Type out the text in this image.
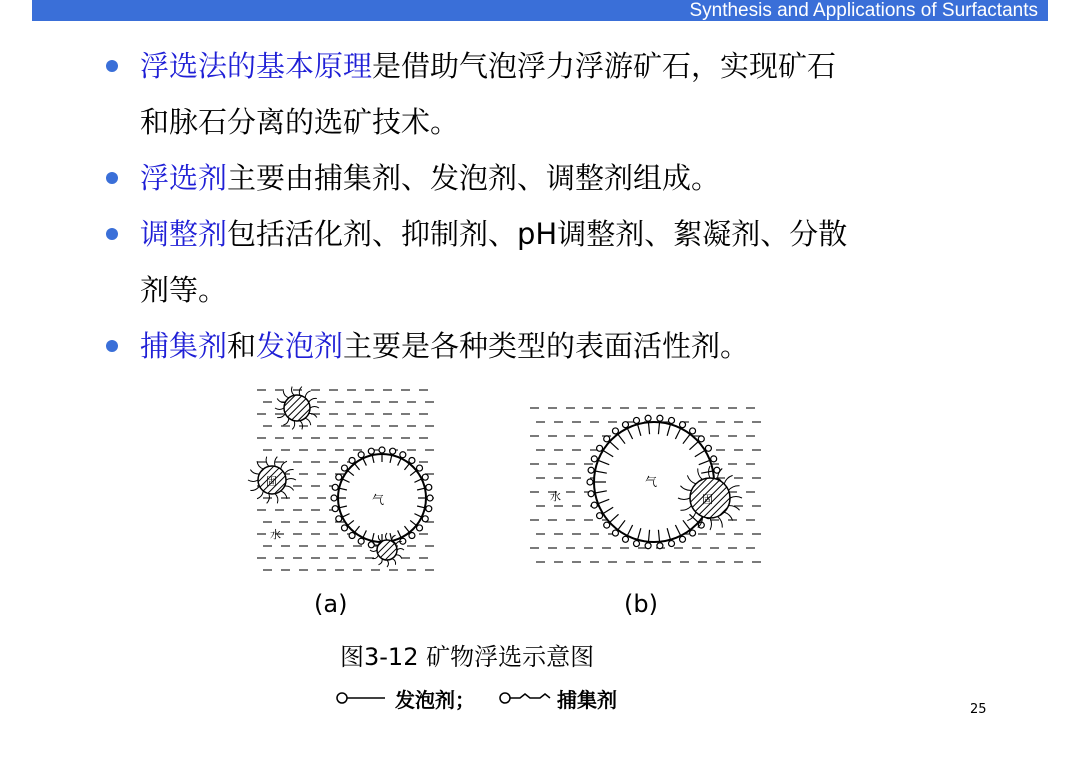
Synthesis and Applications of Surfactants

浮选法的基本原理是借助气泡浮力浮游矿石，实现矿石
和脉石分离的选矿技术。

浮选剂主要由捕集剂、发泡剂、调整剂组成。

调整剂包括活化剂、抑制剂、pH调整剂、絮凝剂、分散
剂等。

捕集剂和发泡剂主要是各种类型的表面活性剂。

气
固
水
气
固
水
(a)	(b)
图3-12 矿物浮选示意图
发泡剂；	捕集剂	25
